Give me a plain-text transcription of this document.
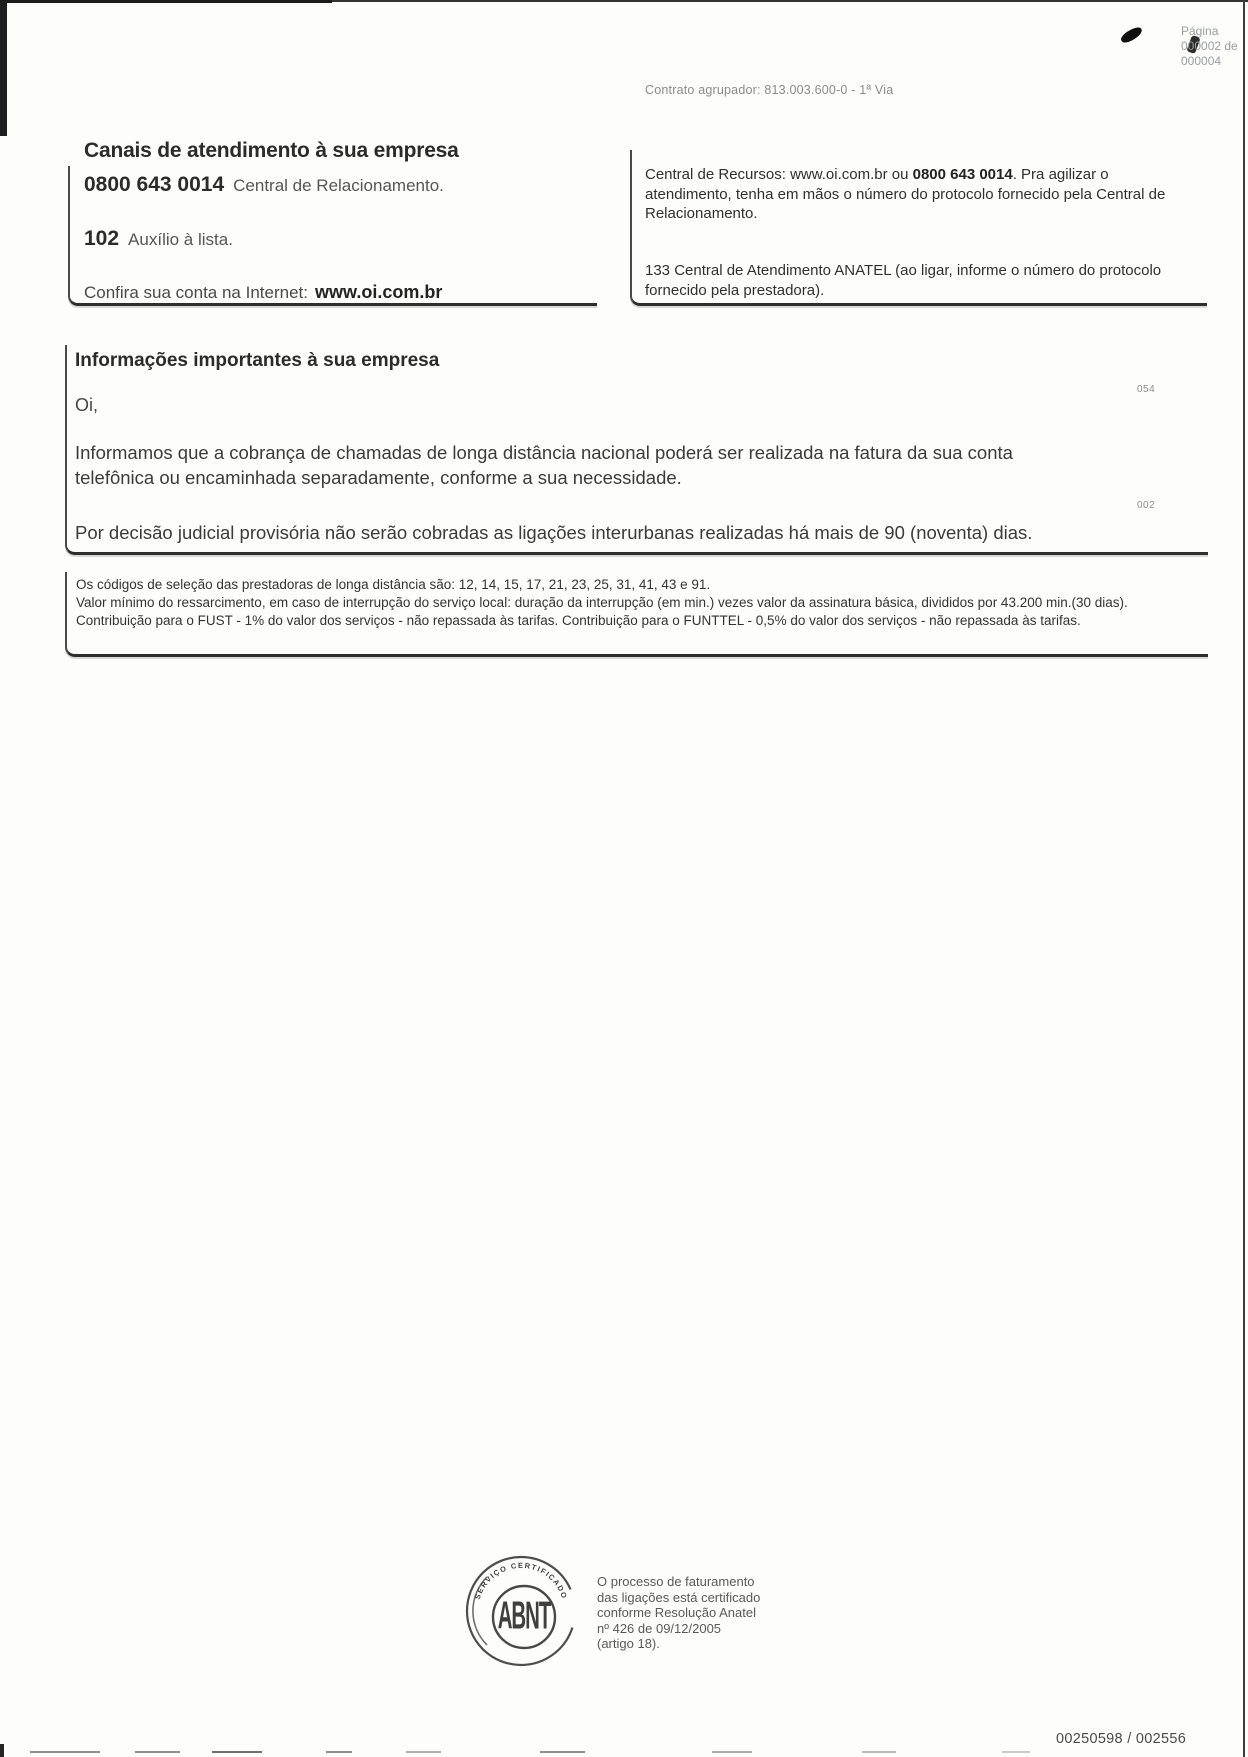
Página
000002 de
000004
Contrato agrupador: 813.003.600-0 - 1ª Via
Canais de atendimento à sua empresa
0800 643 0014 Central de Relacionamento.
102 Auxílio à lista.
Confira sua conta na Internet: www.oi.com.br
Central de Recursos: www.oi.com.br ou 0800 643 0014. Pra agilizar o atendimento, tenha em mãos o número do protocolo fornecido pela Central de Relacionamento.
133 Central de Atendimento ANATEL (ao ligar, informe o número do protocolo fornecido pela prestadora).
Informações importantes à sua empresa
054
Oi,
Informamos que a cobrança de chamadas de longa distância nacional poderá ser realizada na fatura da sua conta telefônica ou encaminhada separadamente, conforme a sua necessidade.
002
Por decisão judicial provisória não serão cobradas as ligações interurbanas realizadas há mais de 90 (noventa) dias.
Os códigos de seleção das prestadoras de longa distância são: 12, 14, 15, 17, 21, 23, 25, 31, 41, 43 e 91.
Valor mínimo do ressarcimento, em caso de interrupção do serviço local: duração da interrupção (em min.) vezes valor da assinatura básica, divididos por 43.200 min.(30 dias).
Contribuição para o FUST - 1% do valor dos serviços - não repassada às tarifas. Contribuição para o FUNTTEL - 0,5% do valor dos serviços - não repassada às tarifas.
SERVIÇO CERTIFICADO
ABNT
O processo de faturamento
das ligações está certificado
conforme Resolução Anatel
nº 426 de 09/12/2005
(artigo 18).
00250598 / 002556
